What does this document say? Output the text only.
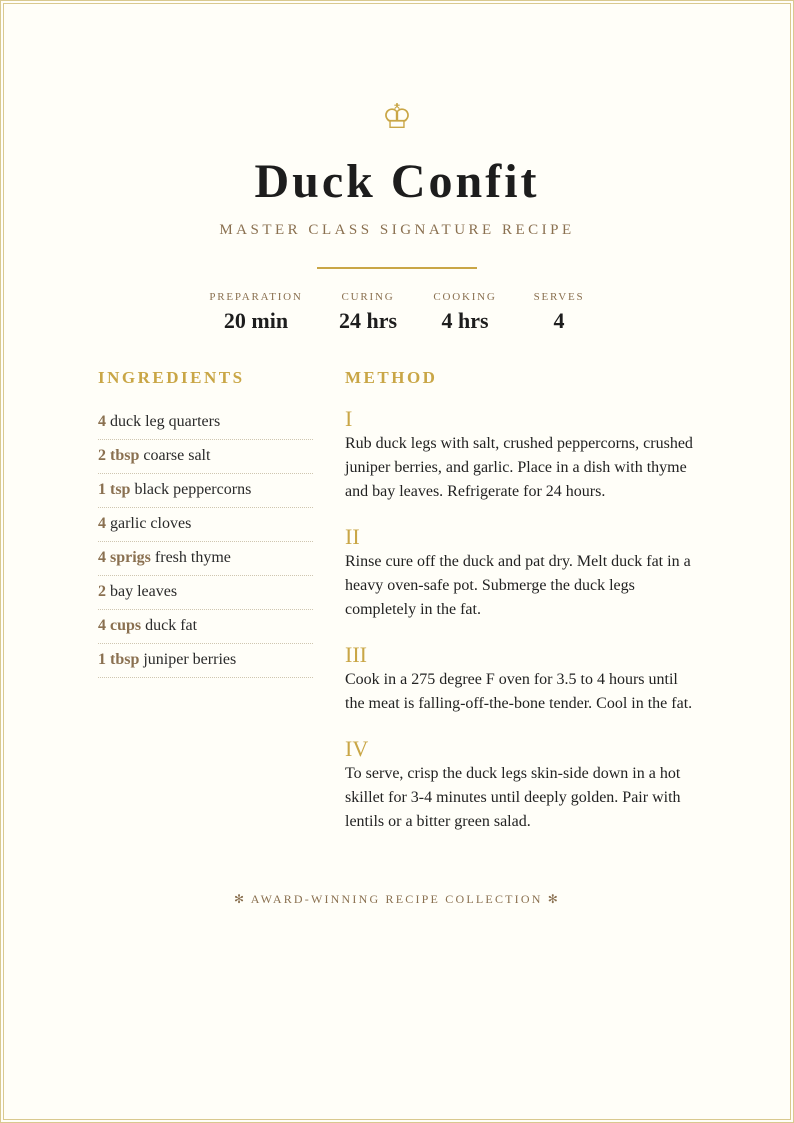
♔
Duck Confit
MASTER CLASS SIGNATURE RECIPE
PREPARATION
20 min
CURING
24 hrs
COOKING
4 hrs
SERVES
4
INGREDIENTS	METHOD
4 duck leg quarters
2 tbsp coarse salt
1 tsp black peppercorns
4 garlic cloves
4 sprigs fresh thyme
2 bay leaves
4 cups duck fat
1 tbsp juniper berries
I

Rub duck legs with salt, crushed peppercorns, crushed juniper berries, and garlic. Place in a dish with thyme and bay leaves. Refrigerate for 24 hours.

II

Rinse cure off the duck and pat dry. Melt duck fat in a heavy oven-safe pot. Submerge the duck legs completely in the fat.

III

Cook in a 275 degree F oven for 3.5 to 4 hours until the meat is falling-off-the-bone tender. Cool in the fat.

IV

To serve, crisp the duck legs skin-side down in a hot skillet for 3-4 minutes until deeply golden. Pair with lentils or a bitter green salad.

✻ AWARD-WINNING RECIPE COLLECTION ✻
